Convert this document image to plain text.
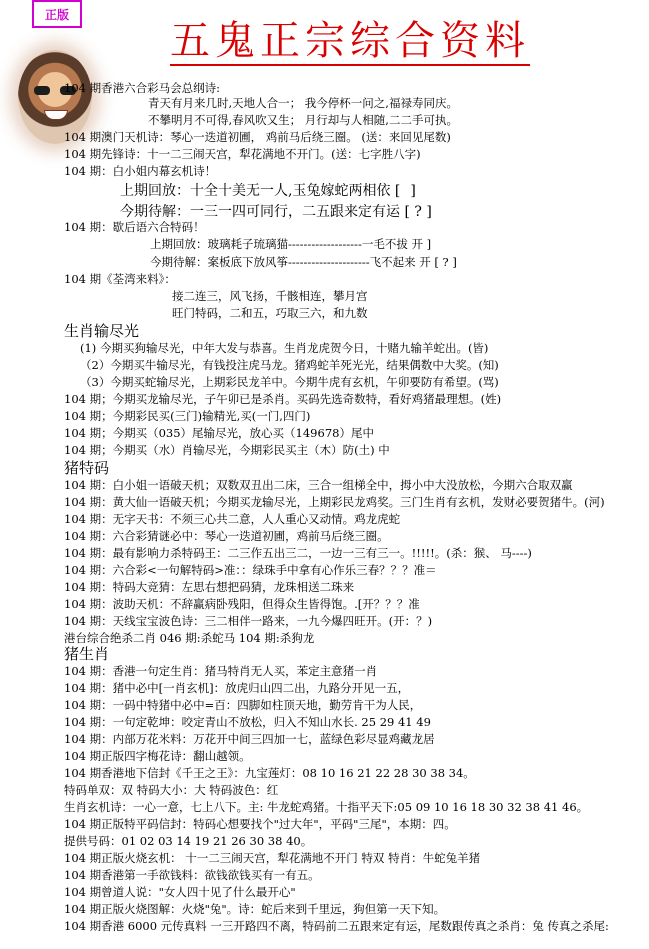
正版
五鬼正宗综合资料
104 期香港六合彩马会总纲诗:
青天有月来几时,天地人合一； 我今停杯一问之,福禄寿同庆。
不攀明月不可得,春风吹又生； 月行却与人相随,二二手可执。
104 期澳门天机诗：琴心一迭道初圃， 鸡前马后绕三圈。 (送：来回见尾数)
104 期先锋诗：十一二三闹天宫，犁花满地不开门。(送：七字胜八字)
104 期：白小姐内幕玄机诗！
上期回放：十全十美无一人,玉兔嫁蛇两相依 [ ]
今期待解：一三一四可同行，二五跟来定有运 [ ? ]
104 期：歇后语六合特码！
上期回放：玻璃耗子琉璃猫-------------------一毛不拔 开 ]
今期待解：案板底下放风筝---------------------飞不起来 开 [ ? ]
104 期《荃湾来料》：
接二连三，风飞扬，千骸相连，攀月宫
旺门特码，二和五，巧取三六，和九数
生肖输尽光
(1) 今期买狗输尽光，中年大发与恭喜。生肖龙虎贺今日，十赌九输羊蛇出。(皆)
（2）今期买牛输尽光，有钱投注虎马龙。猪鸡蛇羊死光光，结果偶数中大奖。(知)
（3）今期买蛇输尽光，上期彩民龙羊中。今期牛虎有玄机，午卯要防有希望。(骂)
104 期；今期买龙输尽光，子午卯已是杀肖。买码先选奇数特，看好鸡猪最理想。(姓)
104 期；今期彩民买(三门)输精光,买(一门,四门)
104 期；今期买（035）尾输尽光，放心买（149678）尾中
104 期；今期买（水）肖输尽光，今期彩民买主（木）防(土) 中
猪特码
104 期：白小姐一语破天机；双数双丑出二床，三合一组梯全中，拇小中大没放松，今期六合取双赢
104 期：黄大仙一语破天机；今期买龙输尽光，上期彩民龙鸡奖。三门生肖有玄机，发财必要贺猪牛。(河)
104 期：无字天书：不须三心共二意，人人重心又动情。鸡龙虎蛇
104 期：六合彩猜谜必中：琴心一迭道初圃，鸡前马后绕三圈。
104 期：最有影响力杀特码王：二三作五出三二，一边一三有三一。!!!!!。(杀：猴、 马----)
104 期：六合彩<一句解特码>准：：绿珠手中拿有心作乐三春？？？准＝
104 期：特码大竞猜：左思右想把码猜，龙珠相送二珠来
104 期：波助天机：不辞赢病卧残阳，但得众生皆得饱。.[开？？？准
104 期：天线宝宝波色诗：三二相伴一路来，一九今爆四旺开。(开：？)
港台综合绝杀二肖 046 期:杀蛇马 104 期:杀狗龙
猪生肖
104 期：香港一句定生肖：猪马特肖无人买，苯定主意猪一肖
104 期：猪中必中[一肖玄机]：放虎归山四二出，九路分开见一五，
104 期：一码中特猪中必中=百：四脚如柱顶天地，勤劳肯干为人民，
104 期：一句定乾坤：咬定青山不放松，归入不知山水长. 25 29 41 49
104 期：内部万花米料：万花开中间三四加一七，蓝绿色彩尽显鸡藏龙居
104 期正版四字梅花诗：翻山越领。
104 期香港地下信封《千王之王》：九宝莲灯：08 10 16 21 22 28 30 38 34。
特码单双：双 特码大小：大 特码波色：红
生肖玄机诗：一心一意，七上八下。主: 牛龙蛇鸡猪。十指平天下:05 09 10 16 18 30 32 38 41 46。
104 期正版特平码信封：特码心想要找个"过大年"，平码"三尾"，本期：四。
提供号码：01 02 03 14 19 21 26 30 38 40。
104 期正版火烧玄机： 十一二三闹天宫，犁花满地不开门 特双 特肖：牛蛇兔羊猪
104 期香港第一手欲钱料：欲钱欲钱买有一有五。
104 期曾道人说："女人四十见了什么最开心"
104 期正版火烧图解：火烧"兔"。诗：蛇后来到千里远，狗但第一天下知。
104 期香港 6000 元传真料 一三开路四不离，特码前二五跟来定有运，尾数跟传真之杀肖：兔 传真之杀尾:
